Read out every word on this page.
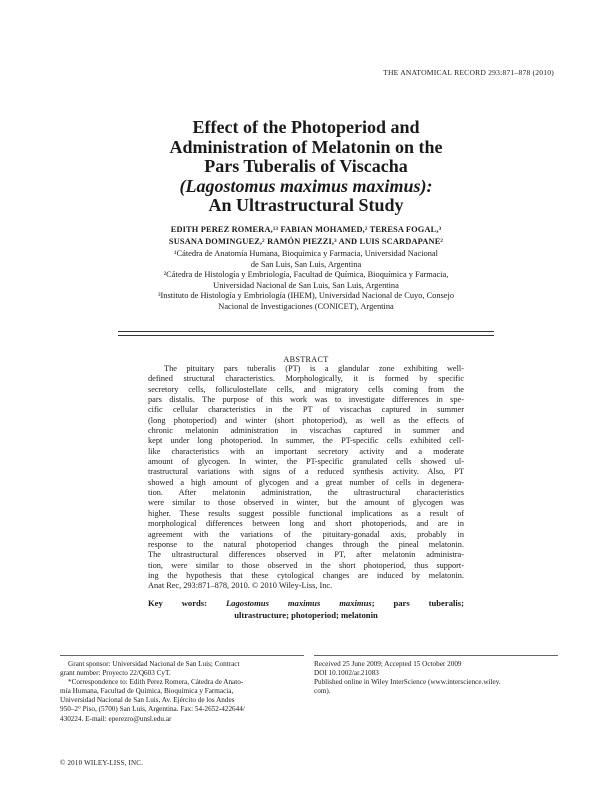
THE ANATOMICAL RECORD 293:871–878 (2010)
Effect of the Photoperiod and
Administration of Melatonin on the
Pars Tuberalis of Viscacha
(Lagostomus maximus maximus):
An Ultrastructural Study
EDITH PEREZ ROMERA,¹³ FABIAN MOHAMED,² TERESA FOGAL,³
SUSANA DOMINGUEZ,² RAMÓN PIEZZI,³ AND LUIS SCARDAPANE²
¹Cátedra de Anatomía Humana, Bioquímica y Farmacia, Universidad Nacional
de San Luis, San Luis, Argentina
²Cátedra de Histología y Embriología, Facultad de Química, Bioquímica y Farmacia,
Universidad Nacional de San Luis, San Luis, Argentina
³Instituto de Histología y Embriología (IHEM), Universidad Nacional de Cuyo, Consejo
Nacional de Investigaciones (CONICET), Argentina
ABSTRACT
The pituitary pars tuberalis (PT) is a glandular zone exhibiting well-
defined structural characteristics. Morphologically, it is formed by specific
secretory cells, folliculostellate cells, and migratory cells coming from the
pars distalis. The purpose of this work was to investigate differences in spe-
cific cellular characteristics in the PT of viscachas captured in summer
(long photoperiod) and winter (short photoperiod), as well as the effects of
chronic melatonin administration in viscachas captured in summer and
kept under long photoperiod. In summer, the PT-specific cells exhibited cell-
like characteristics with an important secretory activity and a moderate
amount of glycogen. In winter, the PT-specific granulated cells showed ul-
trastructural variations with signs of a reduced synthesis activity. Also, PT
showed a high amount of glycogen and a great number of cells in degenera-
tion. After melatonin administration, the ultrastructural characteristics
were similar to those observed in winter, but the amount of glycogen was
higher. These results suggest possible functional implications as a result of
morphological differences between long and short photoperiods, and are in
agreement with the variations of the pituitary-gonadal axis, probably in
response to the natural photoperiod changes through the pineal melatonin.
The ultrastructural differences observed in PT, after melatonin administra-
tion, were similar to those observed in the short photoperiod, thus support-
ing the hypothesis that these cytological changes are induced by melatonin.
Anat Rec, 293:871–878, 2010. © 2010 Wiley-Liss, Inc.
Key words: Lagostomus maximus maximus; pars tuberalis;
ultrastructure; photoperiod; melatonin
Grant sponsor: Universidad Nacional de San Luis; Contract
grant number: Proyecto 22/Q603 CyT.
*Correspondence to: Edith Perez Romera, Cátedra de Anato-
mía Humana, Facultad de Química, Bioquímica y Farmacia,
Universidad Nacional de San Luis, Av. Ejército de los Andes
950–2° Piso, (5700) San Luis, Argentina. Fax: 54-2652-422644/
430224. E-mail: eperezro@unsl.edu.ar
Received 25 June 2009; Accepted 15 October 2009
DOI 10.1002/ar.21083
Published online in Wiley InterScience (www.interscience.wiley.
com).
© 2010 WILEY-LISS, INC.
